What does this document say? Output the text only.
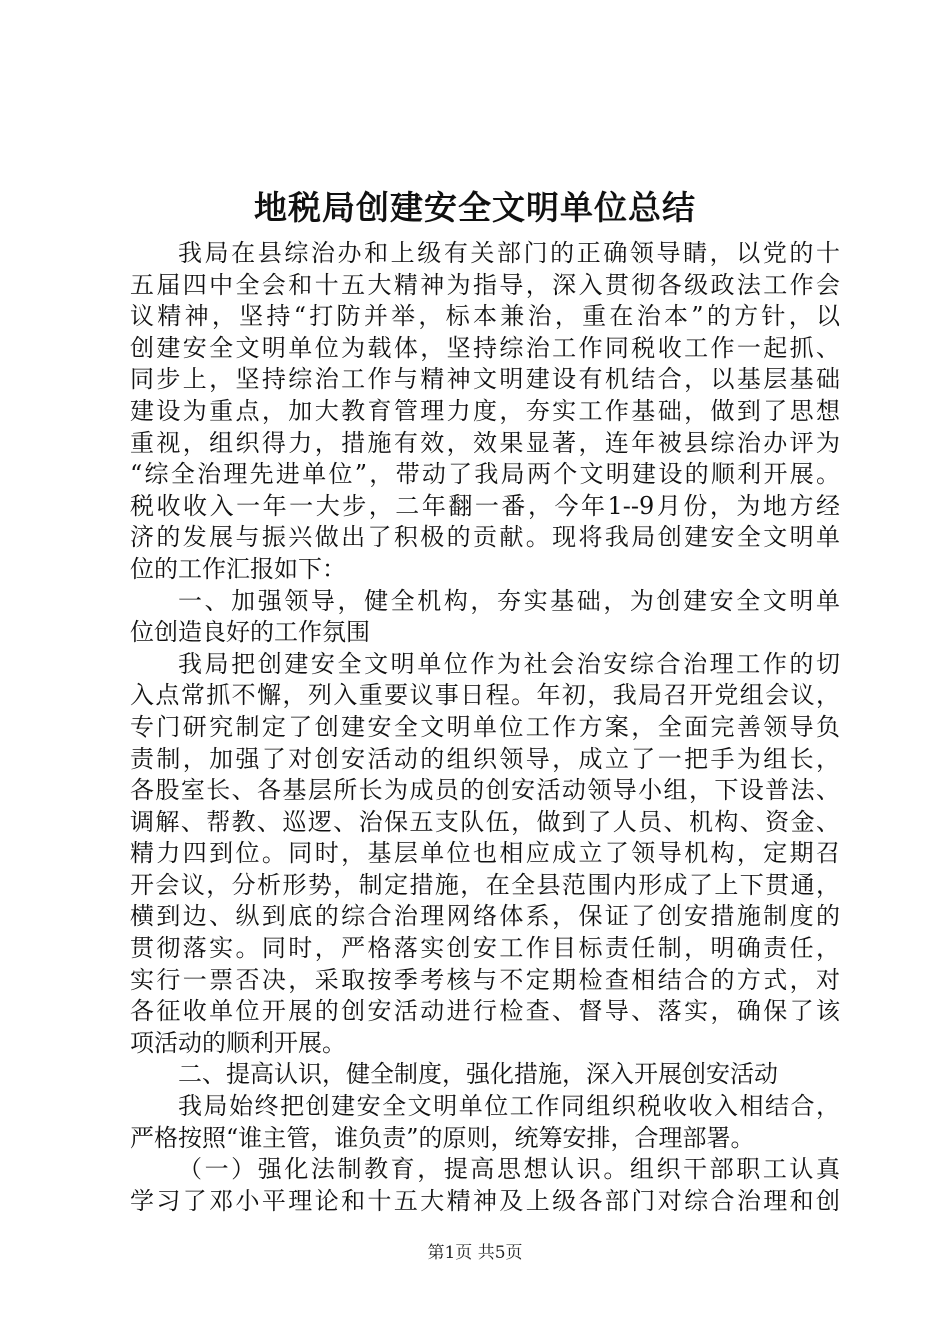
地税局创建安全文明单位总结
我局在县综治办和上级有关部门的正确领导睛，以党的十
五届四中全会和十五大精神为指导，深入贯彻各级政法工作会
议精神，坚持“打防并举，标本兼治，重在治本”的方针，以
创建安全文明单位为载体，坚持综治工作同税收工作一起抓、
同步上，坚持综治工作与精神文明建设有机结合，以基层基础
建设为重点，加大教育管理力度，夯实工作基础，做到了思想
重视，组织得力，措施有效，效果显著，连年被县综治办评为
“综全治理先进单位”，带动了我局两个文明建设的顺利开展。
税收收入一年一大步，二年翻一番，今年1--9月份，为地方经
济的发展与振兴做出了积极的贡献。现将我局创建安全文明单
位的工作汇报如下：
一、加强领导，健全机构，夯实基础，为创建安全文明单
位创造良好的工作氛围
我局把创建安全文明单位作为社会治安综合治理工作的切
入点常抓不懈，列入重要议事日程。年初，我局召开党组会议，
专门研究制定了创建安全文明单位工作方案，全面完善领导负
责制，加强了对创安活动的组织领导，成立了一把手为组长，
各股室长、各基层所长为成员的创安活动领导小组，下设普法、
调解、帮教、巡逻、治保五支队伍，做到了人员、机构、资金、
精力四到位。同时，基层单位也相应成立了领导机构，定期召
开会议，分析形势，制定措施，在全县范围内形成了上下贯通，
横到边、纵到底的综合治理网络体系，保证了创安措施制度的
贯彻落实。同时，严格落实创安工作目标责任制，明确责任，
实行一票否决，采取按季考核与不定期检查相结合的方式，对
各征收单位开展的创安活动进行检查、督导、落实，确保了该
项活动的顺利开展。
二、提高认识，健全制度，强化措施，深入开展创安活动
我局始终把创建安全文明单位工作同组织税收收入相结合，
严格按照“谁主管，谁负责”的原则，统筹安排，合理部署。
（一）强化法制教育，提高思想认识。组织干部职工认真
学习了邓小平理论和十五大精神及上级各部门对综合治理和创
第1页 共5页
